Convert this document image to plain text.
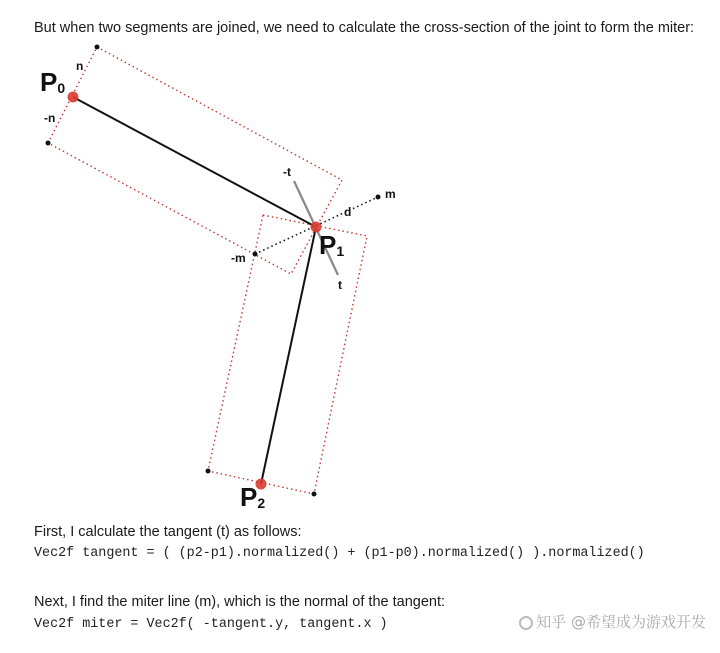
But when two segments are joined, we need to calculate the cross-section of the joint to form the miter:

P0
P1
P2
n
-n
-t
t
m
-m
d

First, I calculate the tangent (t) as follows:

Vec2f tangent = ( (p2-p1).normalized() + (p1-p0).normalized() ).normalized()

Next, I find the miter line (m), which is the normal of the tangent:

Vec2f miter = Vec2f( -tangent.y, tangent.x )	知乎 @希望成为游戏开发
